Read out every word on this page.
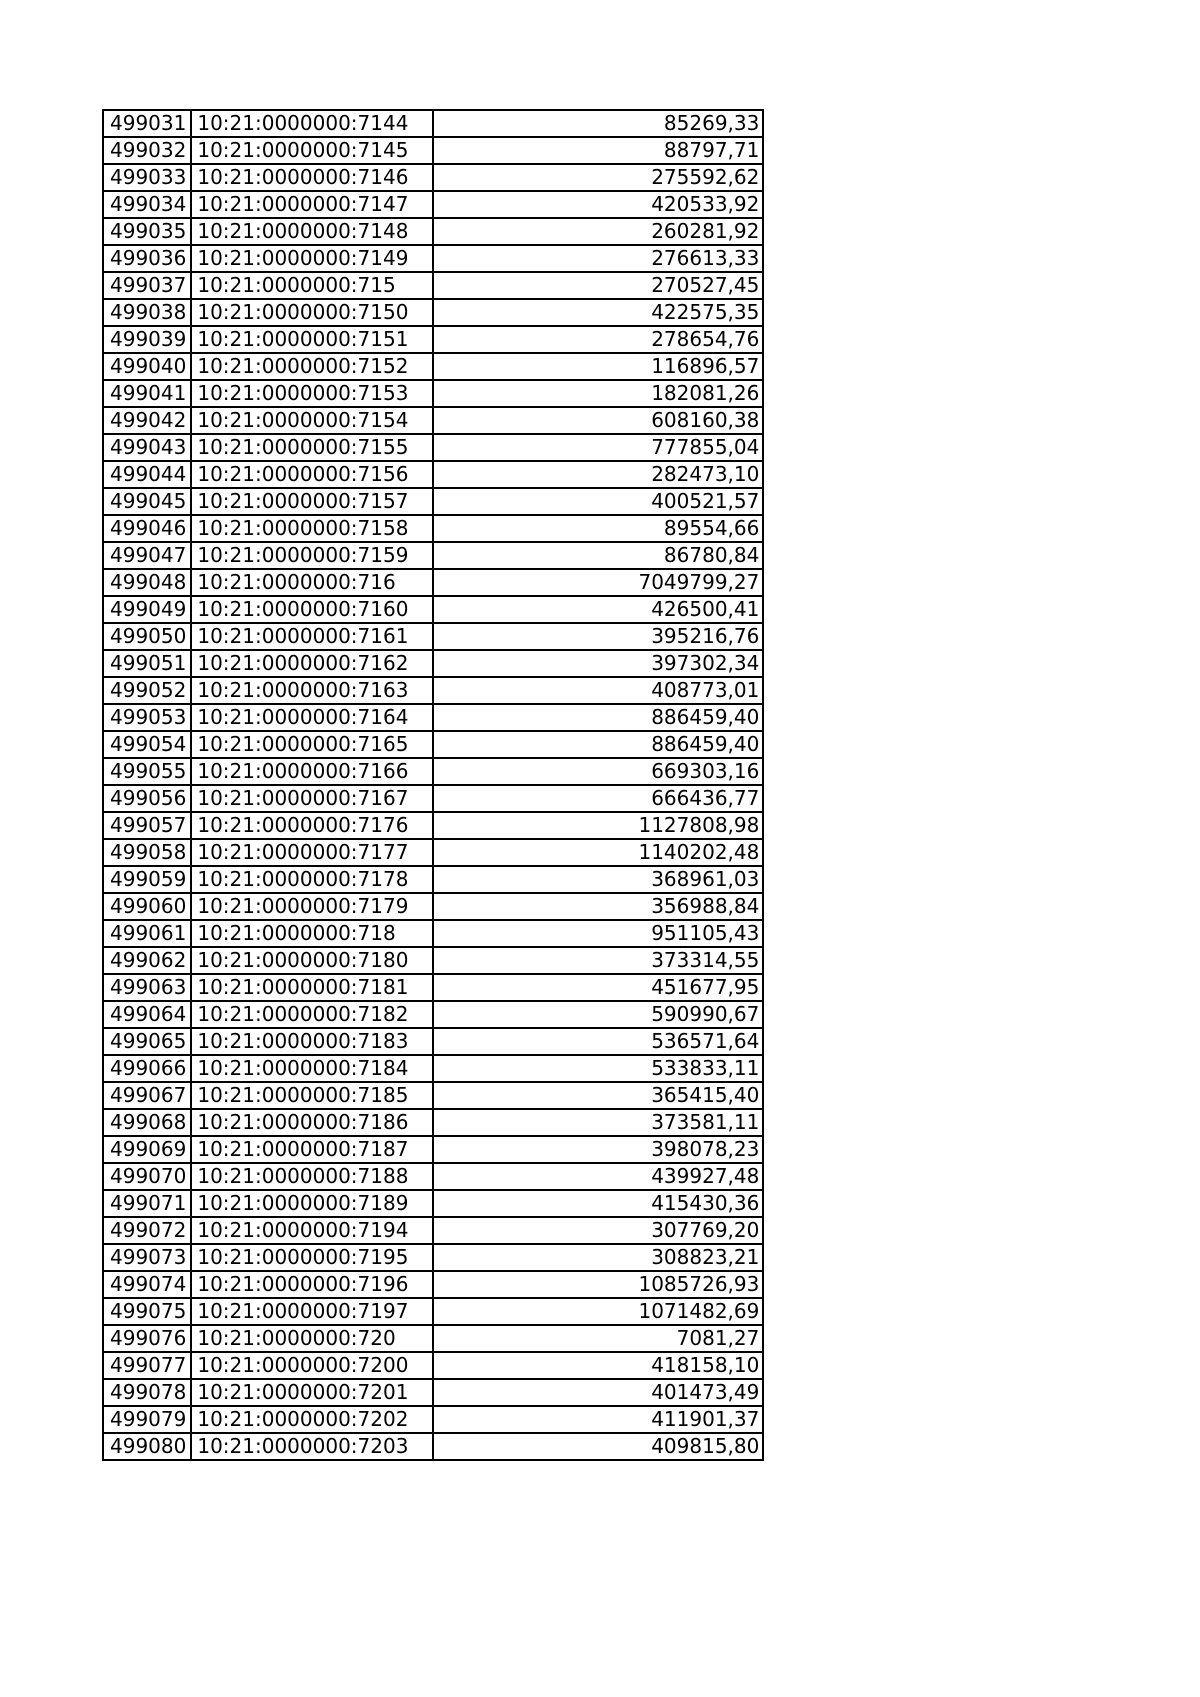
499031	10:21:0000000:7144	85269,33
499032	10:21:0000000:7145	88797,71
499033	10:21:0000000:7146	275592,62
499034	10:21:0000000:7147	420533,92
499035	10:21:0000000:7148	260281,92
499036	10:21:0000000:7149	276613,33
499037	10:21:0000000:715	270527,45
499038	10:21:0000000:7150	422575,35
499039	10:21:0000000:7151	278654,76
499040	10:21:0000000:7152	116896,57
499041	10:21:0000000:7153	182081,26
499042	10:21:0000000:7154	608160,38
499043	10:21:0000000:7155	777855,04
499044	10:21:0000000:7156	282473,10
499045	10:21:0000000:7157	400521,57
499046	10:21:0000000:7158	89554,66
499047	10:21:0000000:7159	86780,84
499048	10:21:0000000:716	7049799,27
499049	10:21:0000000:7160	426500,41
499050	10:21:0000000:7161	395216,76
499051	10:21:0000000:7162	397302,34
499052	10:21:0000000:7163	408773,01
499053	10:21:0000000:7164	886459,40
499054	10:21:0000000:7165	886459,40
499055	10:21:0000000:7166	669303,16
499056	10:21:0000000:7167	666436,77
499057	10:21:0000000:7176	1127808,98
499058	10:21:0000000:7177	1140202,48
499059	10:21:0000000:7178	368961,03
499060	10:21:0000000:7179	356988,84
499061	10:21:0000000:718	951105,43
499062	10:21:0000000:7180	373314,55
499063	10:21:0000000:7181	451677,95
499064	10:21:0000000:7182	590990,67
499065	10:21:0000000:7183	536571,64
499066	10:21:0000000:7184	533833,11
499067	10:21:0000000:7185	365415,40
499068	10:21:0000000:7186	373581,11
499069	10:21:0000000:7187	398078,23
499070	10:21:0000000:7188	439927,48
499071	10:21:0000000:7189	415430,36
499072	10:21:0000000:7194	307769,20
499073	10:21:0000000:7195	308823,21
499074	10:21:0000000:7196	1085726,93
499075	10:21:0000000:7197	1071482,69
499076	10:21:0000000:720	7081,27
499077	10:21:0000000:7200	418158,10
499078	10:21:0000000:7201	401473,49
499079	10:21:0000000:7202	411901,37
499080	10:21:0000000:7203	409815,80
